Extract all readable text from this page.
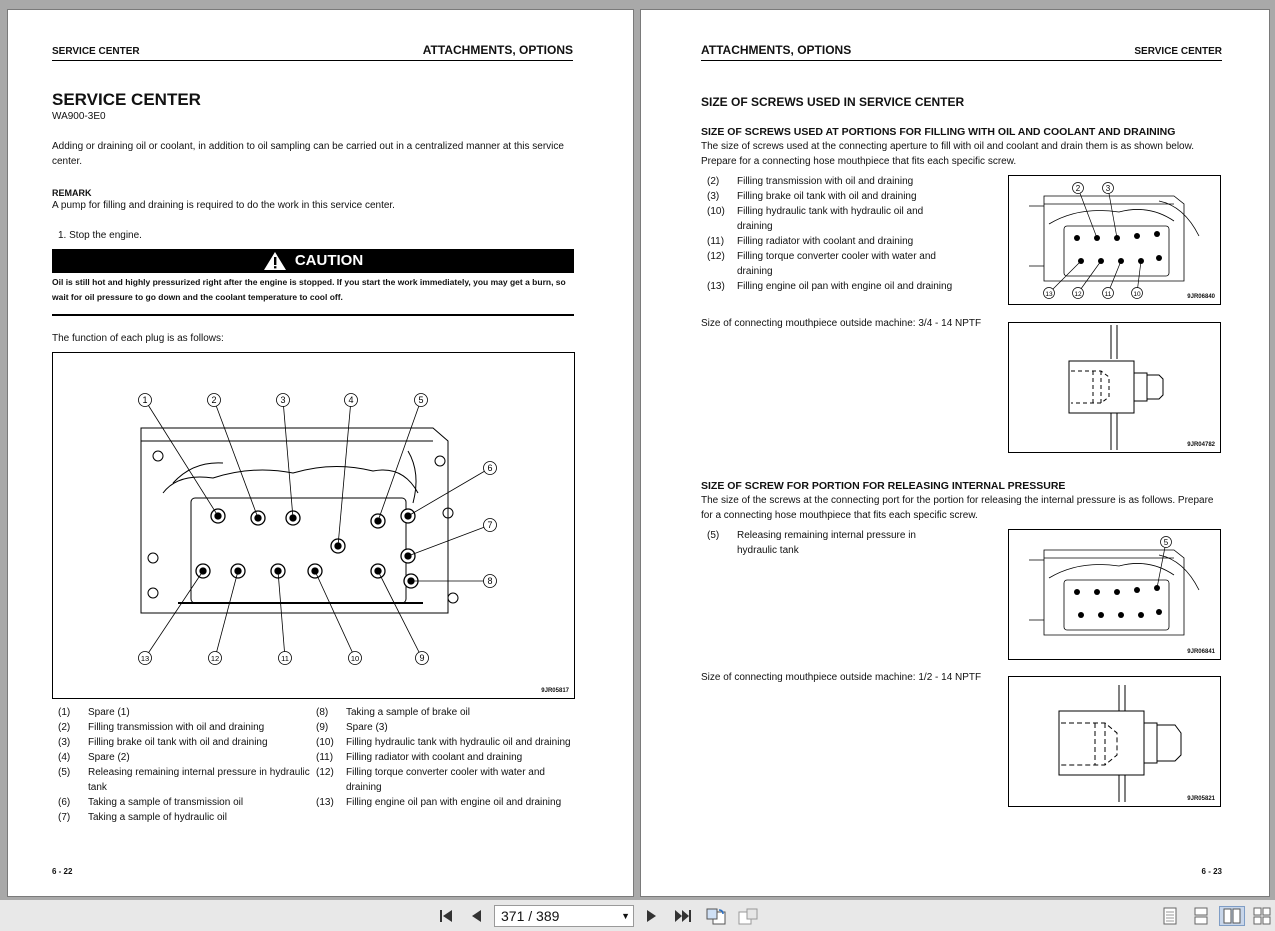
SERVICE CENTER	ATTACHMENTS, OPTIONS
SERVICE CENTER
WA900-3E0
Adding or draining oil or coolant, in addition to oil sampling can be carried out in a centralized manner at this service center.
REMARK
A pump for filling and draining is required to do the work in this service center.
1. Stop the engine.
CAUTION
Oil is still hot and highly pressurized right after the engine is stopped. If you start the work immediately, you may get a burn, so wait for oil pressure to go down and the coolant temperature to cool off.
The function of each plug is as follows:
1	2	3	4	5
6
7
8
9
10
11
12
13
9JR05817
(1) Spare (1)
(2) Filling transmission with oil and draining
(3) Filling brake oil tank with oil and draining
(4) Spare (2)
(5) Releasing remaining internal pressure in hydraulic tank
(6) Taking a sample of transmission oil
(7) Taking a sample of hydraulic oil
(8) Taking a sample of brake oil
(9) Spare (3)
(10) Filling hydraulic tank with hydraulic oil and draining
(11) Filling radiator with coolant and draining
(12) Filling torque converter cooler with water and draining
(13) Filling engine oil pan with engine oil and draining
6 - 22
ATTACHMENTS, OPTIONS	SERVICE CENTER
SIZE OF SCREWS USED IN SERVICE CENTER
SIZE OF SCREWS USED AT PORTIONS FOR FILLING WITH OIL AND COOLANT AND DRAINING
The size of screws used at the connecting aperture to fill with oil and coolant and drain them is as shown below. Prepare for a connecting hose mouthpiece that fits each specific screw.
(2) Filling transmission with oil and draining
(3) Filling brake oil tank with oil and draining
(10) Filling hydraulic tank with hydraulic oil and draining
(11) Filling radiator with coolant and draining
(12) Filling torque converter cooler with water and draining
(13) Filling engine oil pan with engine oil and draining
2	3
13	12	11	10	9JR06840
Size of connecting mouthpiece outside machine: 3/4 - 14 NPTF
9JR04782
SIZE OF SCREW FOR PORTION FOR RELEASING INTERNAL PRESSURE
The size of the screws at the connecting port for the portion for releasing the internal pressure is as follows. Prepare for a connecting hose mouthpiece that fits each specific screw.
(5) Releasing remaining internal pressure in hydraulic tank
5
9JR06841
Size of connecting mouthpiece outside machine: 1/2 - 14 NPTF
9JR05821
6 - 23
371 / 389	▼
